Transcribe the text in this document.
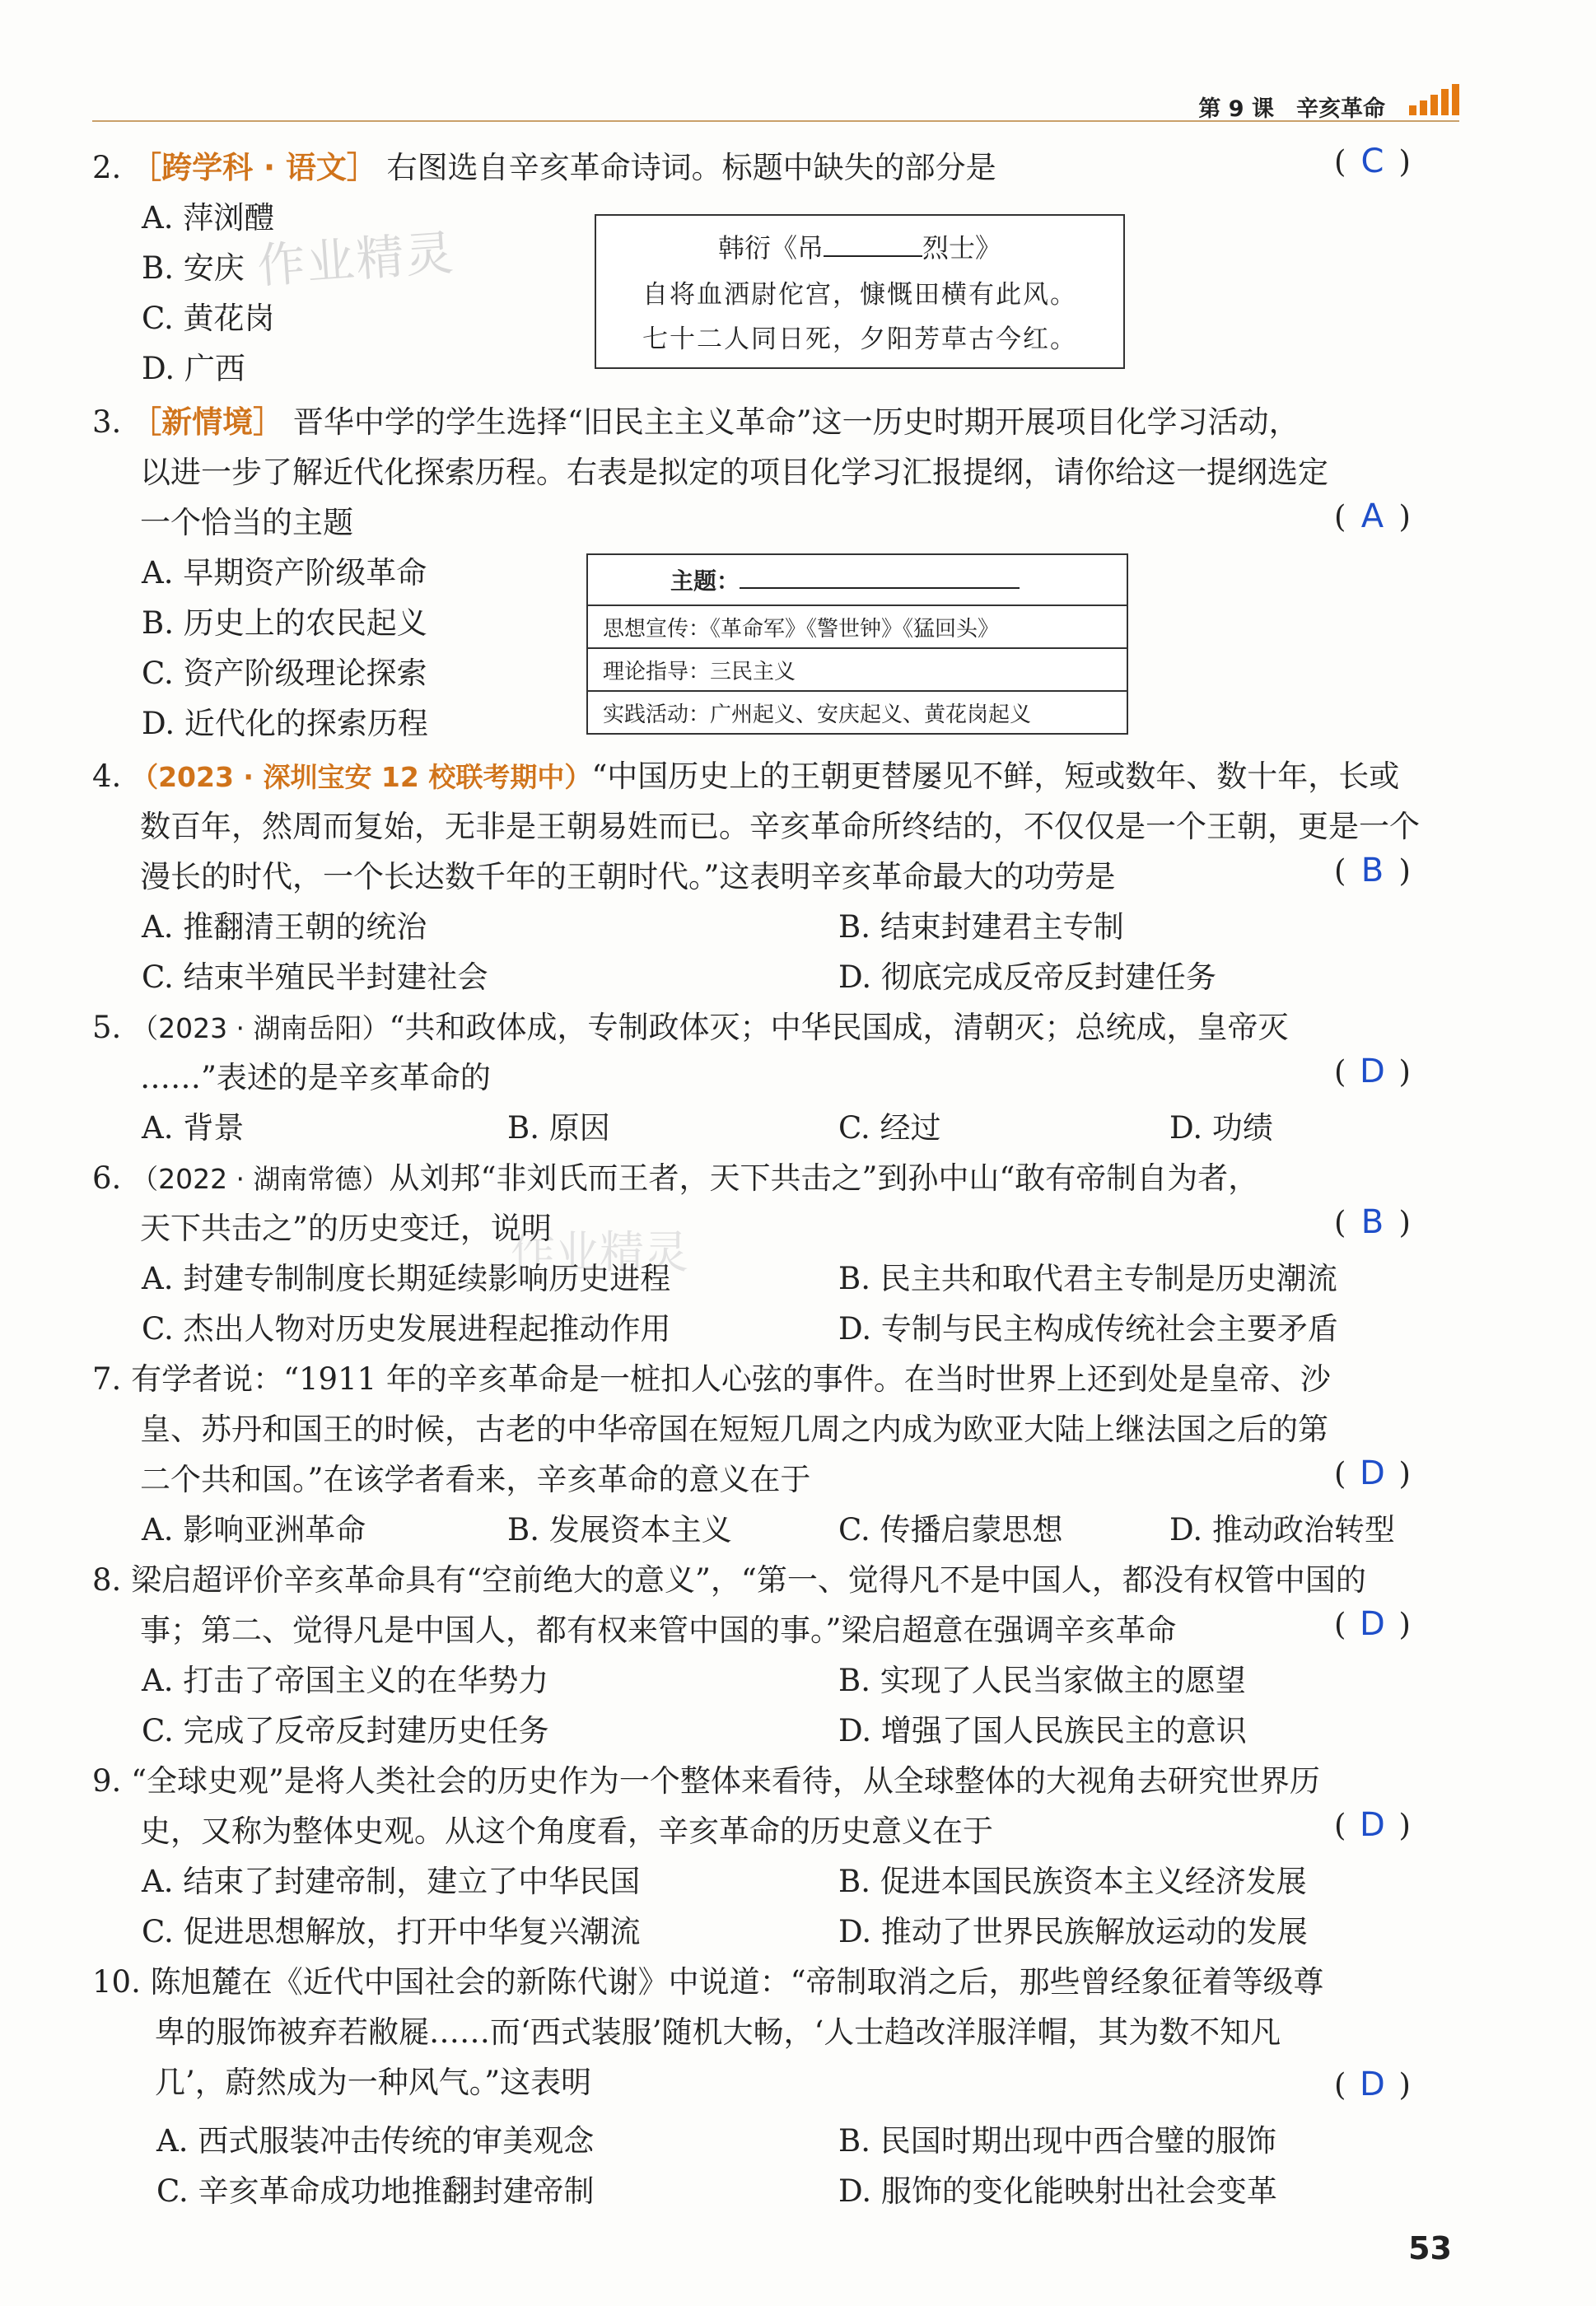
第 9 课　辛亥革命
作业精灵
作业精灵
2. ［跨学科 · 语文］ 右图选自辛亥革命诗词。标题中缺失的部分是	( C )
A. 萍浏醴
B. 安庆
C. 黄花岗
D. 广西
韩衍《吊	烈士》
自将血洒尉佗宫，慷慨田横有此风。
七十二人同日死，夕阳芳草古今红。
3. ［新情境］ 晋华中学的学生选择“旧民主主义革命”这一历史时期开展项目化学习活动，
以进一步了解近代化探索历程。右表是拟定的项目化学习汇报提纲，请你给这一提纲选定
一个恰当的主题	( A )
A. 早期资产阶级革命
B. 历史上的农民起义
C. 资产阶级理论探索
D. 近代化的探索历程
主题：
思想宣传：《革命军》《警世钟》《猛回头》
理论指导：三民主义
实践活动：广州起义、安庆起义、黄花岗起义
4. （2023 · 深圳宝安 12 校联考期中）“中国历史上的王朝更替屡见不鲜，短或数年、数十年，长或
数百年，然周而复始，无非是王朝易姓而已。辛亥革命所终结的，不仅仅是一个王朝，更是一个
漫长的时代，一个长达数千年的王朝时代。”这表明辛亥革命最大的功劳是	( B )
A. 推翻清王朝的统治	B. 结束封建君主专制
C. 结束半殖民半封建社会	D. 彻底完成反帝反封建任务
5. （2023 · 湖南岳阳）“共和政体成，专制政体灭；中华民国成，清朝灭；总统成，皇帝灭
……”表述的是辛亥革命的	( D )
A. 背景	B. 原因	C. 经过	D. 功绩
6. （2022 · 湖南常德）从刘邦“非刘氏而王者，天下共击之”到孙中山“敢有帝制自为者，
天下共击之”的历史变迁，说明	( B )
A. 封建专制制度长期延续影响历史进程	B. 民主共和取代君主专制是历史潮流
C. 杰出人物对历史发展进程起推动作用	D. 专制与民主构成传统社会主要矛盾
7. 有学者说：“1911 年的辛亥革命是一桩扣人心弦的事件。在当时世界上还到处是皇帝、沙
皇、苏丹和国王的时候，古老的中华帝国在短短几周之内成为欧亚大陆上继法国之后的第
二个共和国。”在该学者看来，辛亥革命的意义在于	( D )
A. 影响亚洲革命	B. 发展资本主义	C. 传播启蒙思想	D. 推动政治转型
8. 梁启超评价辛亥革命具有“空前绝大的意义”，“第一、觉得凡不是中国人，都没有权管中国的
事；第二、觉得凡是中国人，都有权来管中国的事。”梁启超意在强调辛亥革命	( D )
A. 打击了帝国主义的在华势力	B. 实现了人民当家做主的愿望
C. 完成了反帝反封建历史任务	D. 增强了国人民族民主的意识
9. “全球史观”是将人类社会的历史作为一个整体来看待，从全球整体的大视角去研究世界历
史，又称为整体史观。从这个角度看，辛亥革命的历史意义在于	( D )
A. 结束了封建帝制，建立了中华民国	B. 促进本国民族资本主义经济发展
C. 促进思想解放，打开中华复兴潮流	D. 推动了世界民族解放运动的发展
10. 陈旭麓在《近代中国社会的新陈代谢》中说道：“帝制取消之后，那些曾经象征着等级尊
卑的服饰被弃若敝屣……而‘西式装服’随机大畅，‘人士趋改洋服洋帽，其为数不知凡
几’，蔚然成为一种风气。”这表明	( D )
A. 西式服装冲击传统的审美观念	B. 民国时期出现中西合璧的服饰
C. 辛亥革命成功地推翻封建帝制	D. 服饰的变化能映射出社会变革
53
